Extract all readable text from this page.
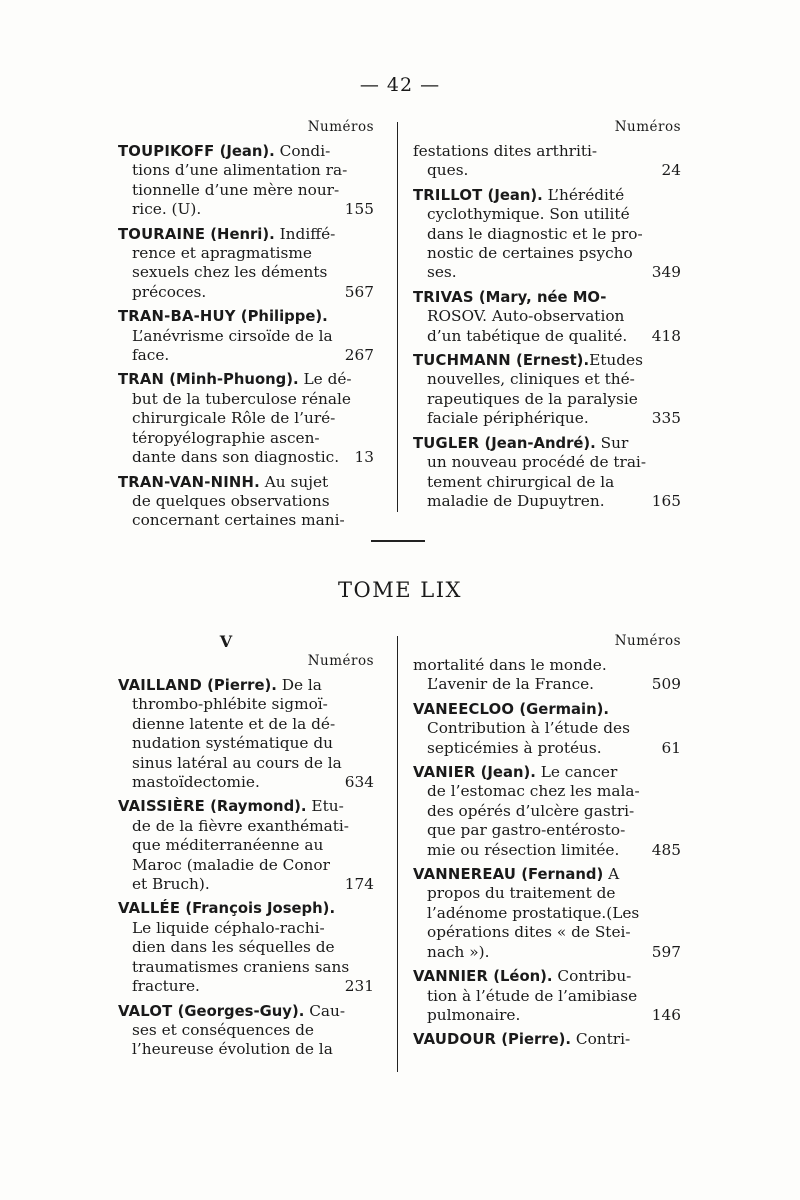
— 42 —
Numéros
TOUPIKOFF (Jean). Condi-
tions d’une alimentation ra-
tionnelle d’une mère nour-
rice. (U).	155
TOURAINE (Henri). Indiffé-
rence et apragmatisme
sexuels chez les déments
précoces.	567
TRAN-BA-HUY (Philippe).
L’anévrisme cirsoïde de la
face.	267
TRAN (Minh-Phuong). Le dé-
but de la tuberculose rénale
chirurgicale Rôle de l’uré-
téropyélographie ascen-
dante dans son diagnostic.	13
TRAN-VAN-NINH. Au sujet
de quelques observations
concernant certaines mani-
Numéros
festations dites arthriti-
ques.	24
TRILLOT (Jean). L’hérédité
cyclothymique. Son utilité
dans le diagnostic et le pro-
nostic de certaines psycho
ses.	349
TRIVAS (Mary, née MO-
ROSOV. Auto-observation
d’un tabétique de qualité.	418
TUCHMANN (Ernest).Etudes
nouvelles, cliniques et thé-
rapeutiques de la paralysie
faciale périphérique.	335
TUGLER (Jean-André). Sur
un nouveau procédé de trai-
tement chirurgical de la
maladie de Dupuytren.	165
TOME LIX
V
Numéros
VAILLAND (Pierre). De la
thrombo-phlébite sigmoï-
dienne latente et de la dé-
nudation systématique du
sinus latéral au cours de la
mastoïdectomie.	634
VAISSIÈRE (Raymond). Etu-
de de la fièvre exanthémati-
que méditerranéenne au
Maroc (maladie de Conor
et Bruch).	174
VALLÉE (François Joseph).
Le liquide céphalo-rachi-
dien dans les séquelles de
traumatismes craniens sans
fracture.	231
VALOT (Georges-Guy). Cau-
ses et conséquences de
l’heureuse évolution de la
Numéros
mortalité dans le monde.
L’avenir de la France.	509
VANEECLOO (Germain).
Contribution à l’étude des
septicémies à protéus.	61
VANIER (Jean). Le cancer
de l’estomac chez les mala-
des opérés d’ulcère gastri-
que par gastro-entérosto-
mie ou résection limitée.	485
VANNEREAU (Fernand) A
propos du traitement de
l’adénome prostatique.(Les
opérations dites « de Stei-
nach »).	597
VANNIER (Léon). Contribu-
tion à l’étude de l’amibiase
pulmonaire.	146
VAUDOUR (Pierre). Contri-
